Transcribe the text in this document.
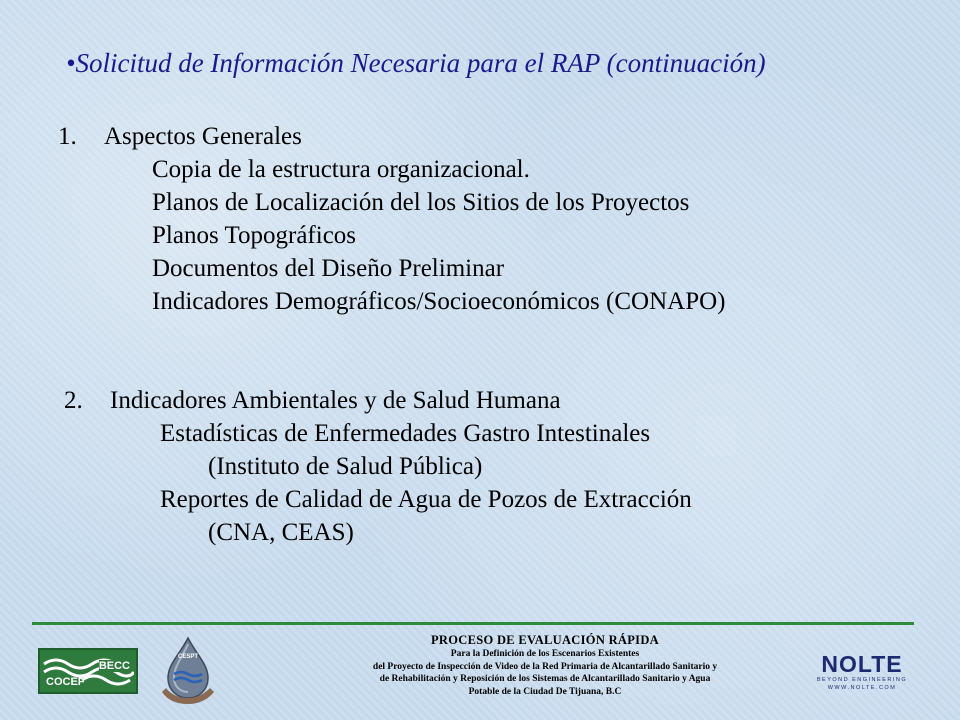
•Solicitud de Información Necesaria para el RAP (continuación)
1. Aspectos Generales
Copia de la estructura organizacional.
Planos de Localización del los Sitios de los Proyectos
Planos Topográficos
Documentos del Diseño Preliminar
Indicadores Demográficos/Socioeconómicos (CONAPO)
2. Indicadores Ambientales y de Salud Humana
Estadísticas de Enfermedades Gastro Intestinales
(Instituto de Salud Pública)
Reportes de Calidad de Agua de Pozos de Extracción
(CNA, CEAS)
BECC
COCEF
CESPT	NOLTE
BEYOND ENGINEERING
WWW.NOLTE.COM
PROCESO DE EVALUACIÓN RÁPIDA
Para la Definición de los Escenarios Existentes
del Proyecto de Inspección de Video de la Red Primaria de Alcantarillado Sanitario y
de Rehabilitación y Reposición de los Sistemas de Alcantarillado Sanitario y Agua
Potable de la Ciudad De Tijuana, B.C
